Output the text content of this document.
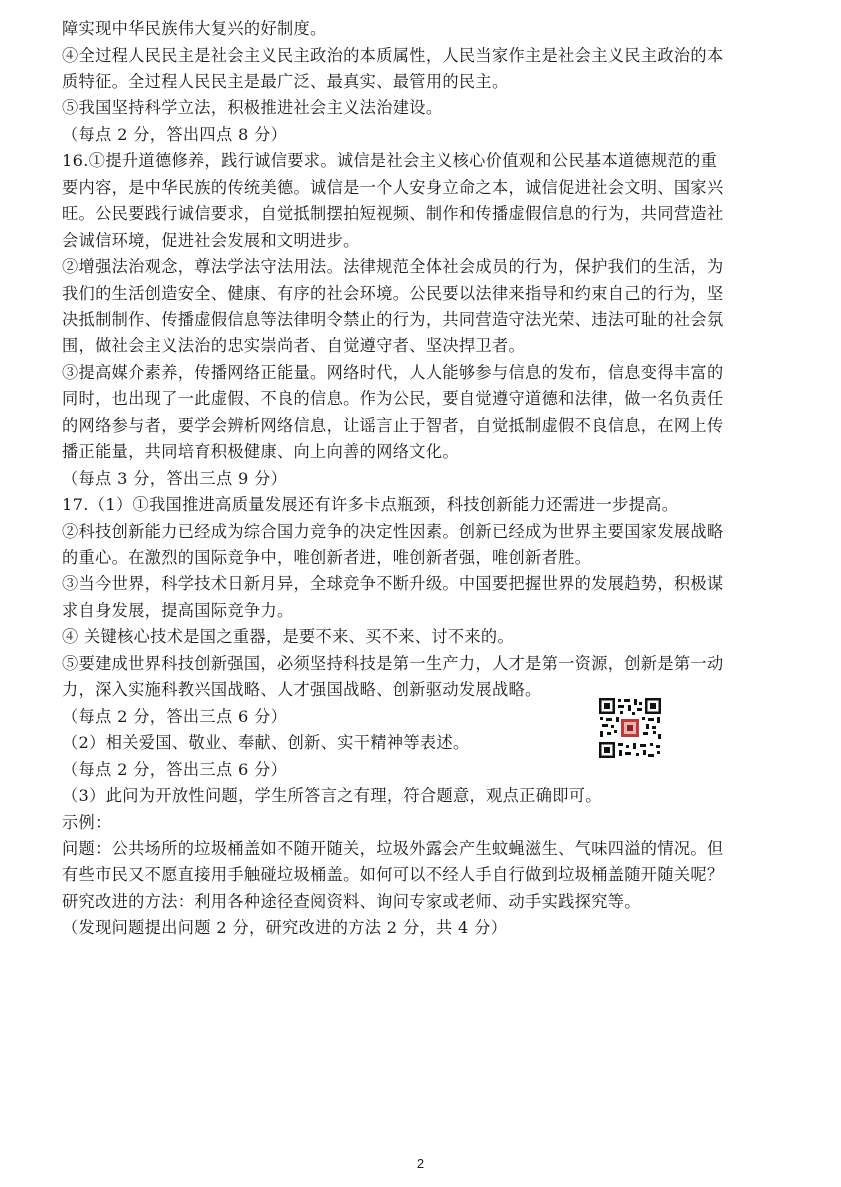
障实现中华民族伟大复兴的好制度。
④全过程人民民主是社会主义民主政治的本质属性，人民当家作主是社会主义民主政治的本
质特征。全过程人民民主是最广泛、最真实、最管用的民主。
⑤我国坚持科学立法，积极推进社会主义法治建设。
（每点 2 分，答出四点 8 分）
16.①提升道德修养，践行诚信要求。诚信是社会主义核心价值观和公民基本道德规范的重
要内容，是中华民族的传统美德。诚信是一个人安身立命之本，诚信促进社会文明、国家兴
旺。公民要践行诚信要求，自觉抵制摆拍短视频、制作和传播虚假信息的行为，共同营造社
会诚信环境，促进社会发展和文明进步。
②增强法治观念，尊法学法守法用法。法律规范全体社会成员的行为，保护我们的生活，为
我们的生活创造安全、健康、有序的社会环境。公民要以法律来指导和约束自己的行为，坚
决抵制制作、传播虚假信息等法律明令禁止的行为，共同营造守法光荣、违法可耻的社会氛
围，做社会主义法治的忠实崇尚者、自觉遵守者、坚决捍卫者。
③提高媒介素养，传播网络正能量。网络时代，人人能够参与信息的发布，信息变得丰富的
同时，也出现了一此虚假、不良的信息。作为公民，要自觉遵守道德和法律，做一名负责任
的网络参与者，要学会辨析网络信息，让谣言止于智者，自觉抵制虚假不良信息，在网上传
播正能量，共同培育积极健康、向上向善的网络文化。
（每点 3 分，答出三点 9 分）
17.（1）①我国推进高质量发展还有许多卡点瓶颈，科技创新能力还需进一步提高。
②科技创新能力已经成为综合国力竞争的决定性因素。创新已经成为世界主要国家发展战略
的重心。在激烈的国际竞争中，唯创新者进，唯创新者强，唯创新者胜。
③当今世界，科学技术日新月异，全球竞争不断升级。中国要把握世界的发展趋势，积极谋
求自身发展，提高国际竞争力。
④ 关键核心技术是国之重器，是要不来、买不来、讨不来的。
⑤要建成世界科技创新强国，必须坚持科技是第一生产力，人才是第一资源，创新是第一动
力，深入实施科教兴国战略、人才强国战略、创新驱动发展战略。
（每点 2 分，答出三点 6 分）
（2）相关爱国、敬业、奉献、创新、实干精神等表述。
（每点 2 分，答出三点 6 分）
（3）此问为开放性问题，学生所答言之有理，符合题意，观点正确即可。
示例：
问题：公共场所的垃圾桶盖如不随开随关，垃圾外露会产生蚊蝇滋生、气味四溢的情况。但
有些市民又不愿直接用手触碰垃圾桶盖。如何可以不经人手自行做到垃圾桶盖随开随关呢？
研究改进的方法：利用各种途径查阅资料、询问专家或老师、动手实践探究等。
（发现问题提出问题 2 分，研究改进的方法 2 分，共 4 分）
2
